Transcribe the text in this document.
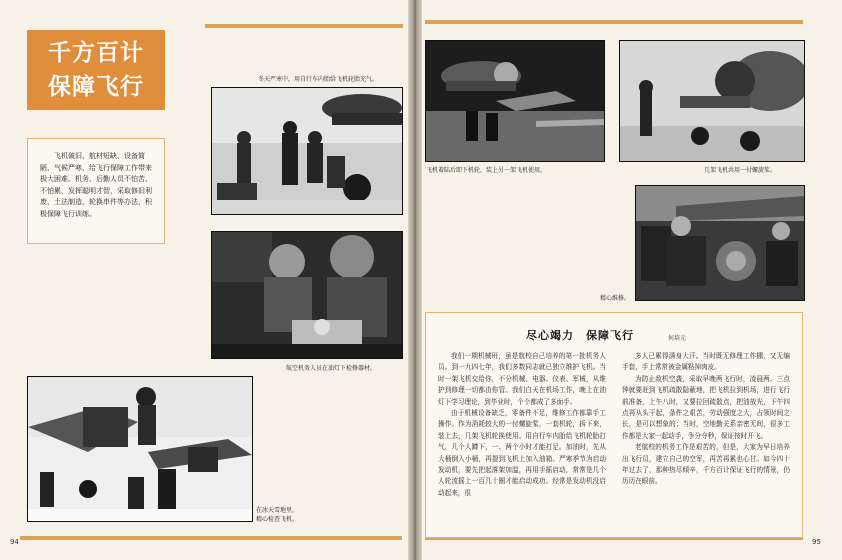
千方百计
保障飞行
飞机破旧、航材短缺、设备简陋、气候严寒，给飞行保障工作带来极大困难。机务、后勤人员不怕苦、不怕累，发挥聪明才智，采取修旧利废、土法制造、轮换串件等办法，积极保障飞行训练。
冬天严寒中，用自行车内胎给飞机轮胎充气。
航空机务人员在油灯下检修器材。
在冰天雪地里，
精心检查飞机。
94
飞机着陆后即下机轮，装上另一架飞机使用。	几架飞机共用一付螺旋桨。
精心维修。
尽心竭力　保障飞行	何培元

我们一期机械班，虽是航校自己培养的第一批机务人员。到一九四七年，我们多数同志就已独立维护飞机。当时一架飞机交给你，不分机械、电器、仪表、军械，从维护到修理一切都由你管。我们白天在机场工作，晚上在油灯下学习理论，到毕业时，个个都成了多面手。

由于机械设备缺乏，零备件不足，维修工作都靠手工操作。作为消耗较大的一付螺旋桨，一套机轮，拆下来，装上去，几架飞机轮换使用。用自行车内胎给飞机轮胎打气，几个人蹲下，一、两个小时才能打足。加油时，先从大桶倒入小桶，再提到飞机上加入油箱。严寒季节为启动发动机，要先把起落架加温，再用手摇启动，常常是几个人轮流摇上一百几十圈才能启动成功。经常是发动机没启动起来，很

多人已累得满身大汗。当时既无修理工作棚，又无编手套，手上常常被金属粘掉肉皮。

为防止敌机空袭，采取早晚两飞行时，凌晨两、三点钟就要赶到飞机疏散隐蔽地，把飞机拉到机场，进行飞行前准备，上午八时，又要拉回疏散点，把油放光，下午四点再从头干起，条件之艰苦，劳动强度之大，占领时间之长，是可以想象的；当时，空地勤关系亲密无间，很多工作都是大家一起动手，争分夺秒，保证按时开飞。

老航校的机务工作是艰苦的，但是，大家为早日培养出飞行员，建立自己的空军，再苦再累也心甘。如今四十年过去了，那种热尽倾辛，千方百计保证飞行的情景，仍历历在眼前。

95
